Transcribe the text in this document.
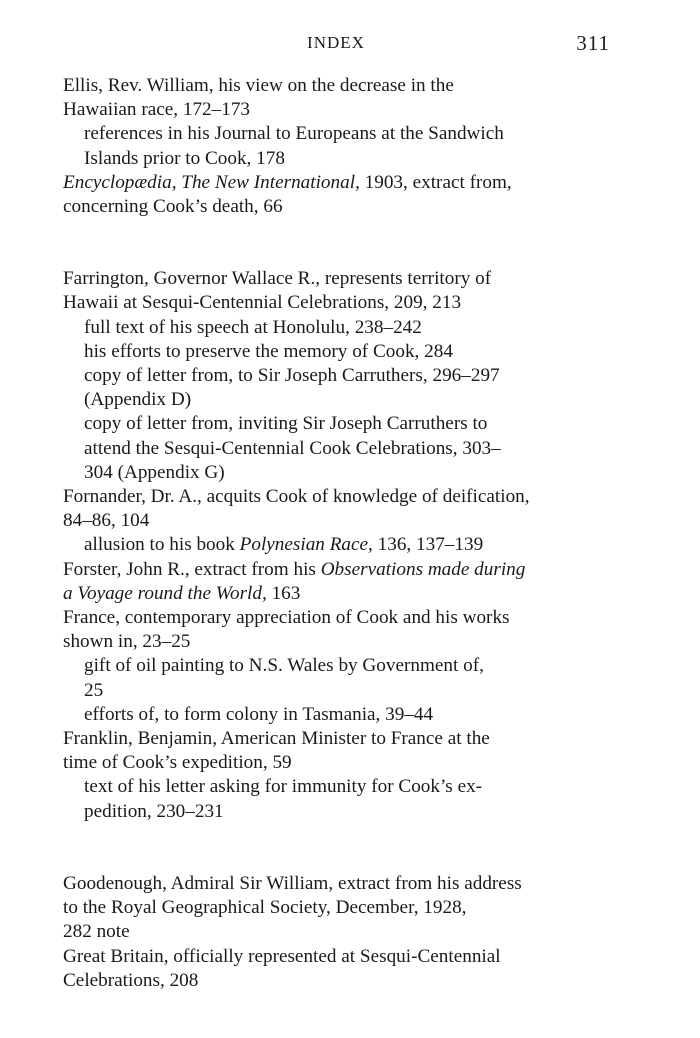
INDEX	311
Ellis, Rev. William, his view on the decrease in the
Hawaiian race, 172–173
references in his Journal to Europeans at the Sandwich
Islands prior to Cook, 178
Encyclopædia, The New International, 1903, extract from,
concerning Cook’s death, 66
Farrington, Governor Wallace R., represents territory of
Hawaii at Sesqui-Centennial Celebrations, 209, 213
full text of his speech at Honolulu, 238–242
his efforts to preserve the memory of Cook, 284
copy of letter from, to Sir Joseph Carruthers, 296–297
(Appendix D)
copy of letter from, inviting Sir Joseph Carruthers to
attend the Sesqui-Centennial Cook Celebrations, 303–
304 (Appendix G)
Fornander, Dr. A., acquits Cook of knowledge of deification,
84–86, 104
allusion to his book Polynesian Race, 136, 137–139
Forster, John R., extract from his Observations made during
a Voyage round the World, 163
France, contemporary appreciation of Cook and his works
shown in, 23–25
gift of oil painting to N.S. Wales by Government of,
25
efforts of, to form colony in Tasmania, 39–44
Franklin, Benjamin, American Minister to France at the
time of Cook’s expedition, 59
text of his letter asking for immunity for Cook’s ex-
pedition, 230–231
Goodenough, Admiral Sir William, extract from his address
to the Royal Geographical Society, December, 1928,
282 note
Great Britain, officially represented at Sesqui-Centennial
Celebrations, 208
